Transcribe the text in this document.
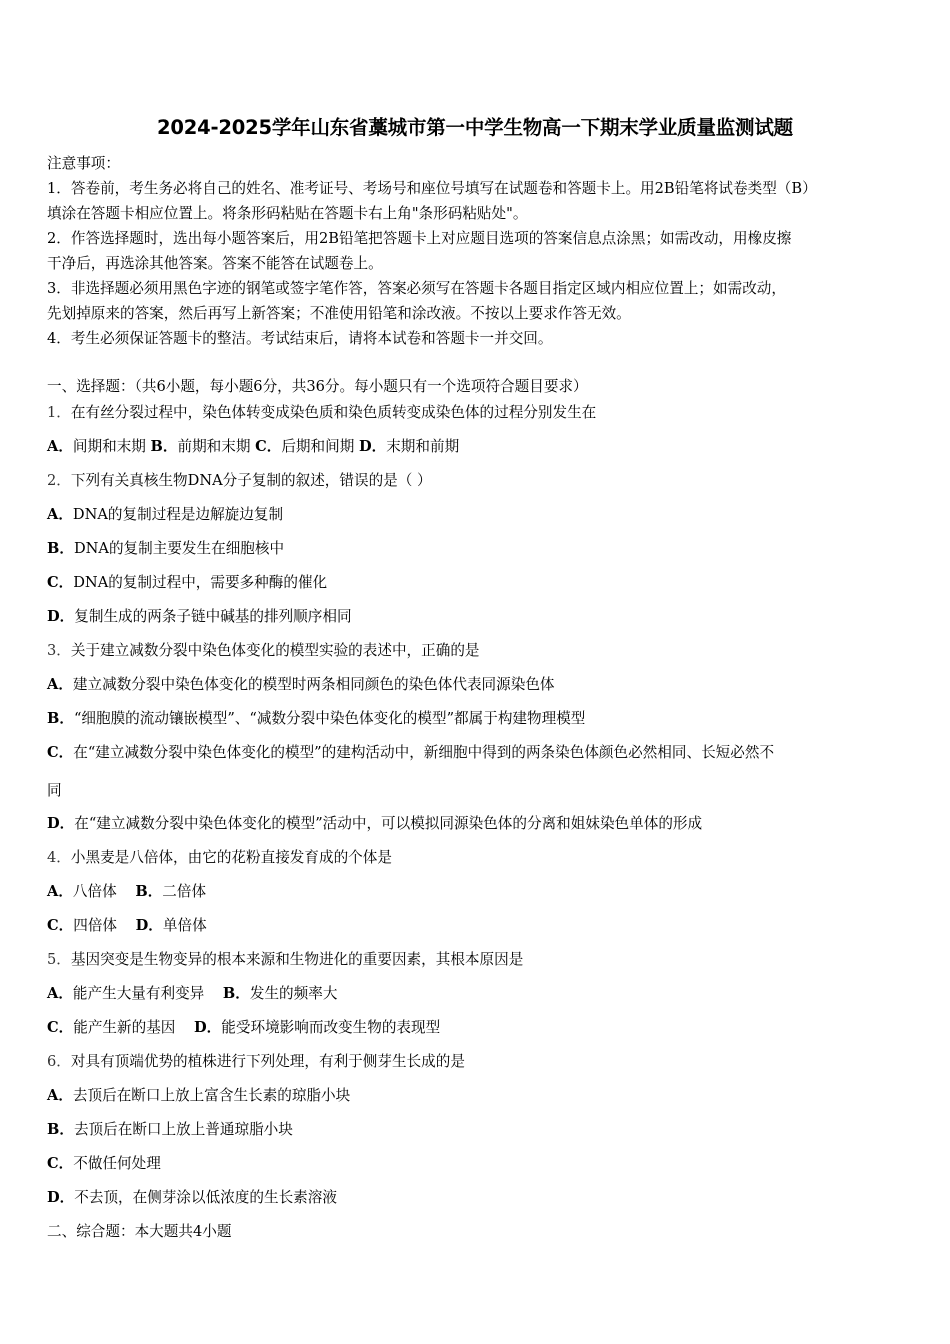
2024-2025学年山东省藁城市第一中学生物高一下期末学业质量监测试题
注意事项：
1．答卷前，考生务必将自己的姓名、准考证号、考场号和座位号填写在试题卷和答题卡上。用2B铅笔将试卷类型（B）
填涂在答题卡相应位置上。将条形码粘贴在答题卡右上角"条形码粘贴处"。
2．作答选择题时，选出每小题答案后，用2B铅笔把答题卡上对应题目选项的答案信息点涂黑；如需改动，用橡皮擦
干净后，再选涂其他答案。答案不能答在试题卷上。
3．非选择题必须用黑色字迹的钢笔或签字笔作答，答案必须写在答题卡各题目指定区域内相应位置上；如需改动，
先划掉原来的答案，然后再写上新答案；不准使用铅笔和涂改液。不按以上要求作答无效。
4．考生必须保证答题卡的整洁。考试结束后，请将本试卷和答题卡一并交回。
一、选择题：（共6小题，每小题6分，共36分。每小题只有一个选项符合题目要求）
1．在有丝分裂过程中，染色体转变成染色质和染色质转变成染色体的过程分别发生在
A．间期和末期 B．前期和末期 C．后期和间期 D．末期和前期
2．下列有关真核生物DNA分子复制的叙述，错误的是（ ）
A．DNA的复制过程是边解旋边复制
B．DNA的复制主要发生在细胞核中
C．DNA的复制过程中，需要多种酶的催化
D．复制生成的两条子链中碱基的排列顺序相同
3．关于建立减数分裂中染色体变化的模型实验的表述中，正确的是
A．建立减数分裂中染色体变化的模型时两条相同颜色的染色体代表同源染色体
B．“细胞膜的流动镶嵌模型”、“减数分裂中染色体变化的模型”都属于构建物理模型
C．在“建立减数分裂中染色体变化的模型”的建构活动中，新细胞中得到的两条染色体颜色必然相同、长短必然不
同
D．在“建立减数分裂中染色体变化的模型”活动中，可以模拟同源染色体的分离和姐妹染色单体的形成
4．小黑麦是八倍体，由它的花粉直接发育成的个体是
A．八倍体 B．二倍体
C．四倍体 D．单倍体
5．基因突变是生物变异的根本来源和生物进化的重要因素，其根本原因是
A．能产生大量有利变异 B．发生的频率大
C．能产生新的基因 D．能受环境影响而改变生物的表现型
6．对具有顶端优势的植株进行下列处理，有利于侧芽生长成的是
A．去顶后在断口上放上富含生长素的琼脂小块
B．去顶后在断口上放上普通琼脂小块
C．不做任何处理
D．不去顶，在侧芽涂以低浓度的生长素溶液
二、综合题：本大题共4小题
